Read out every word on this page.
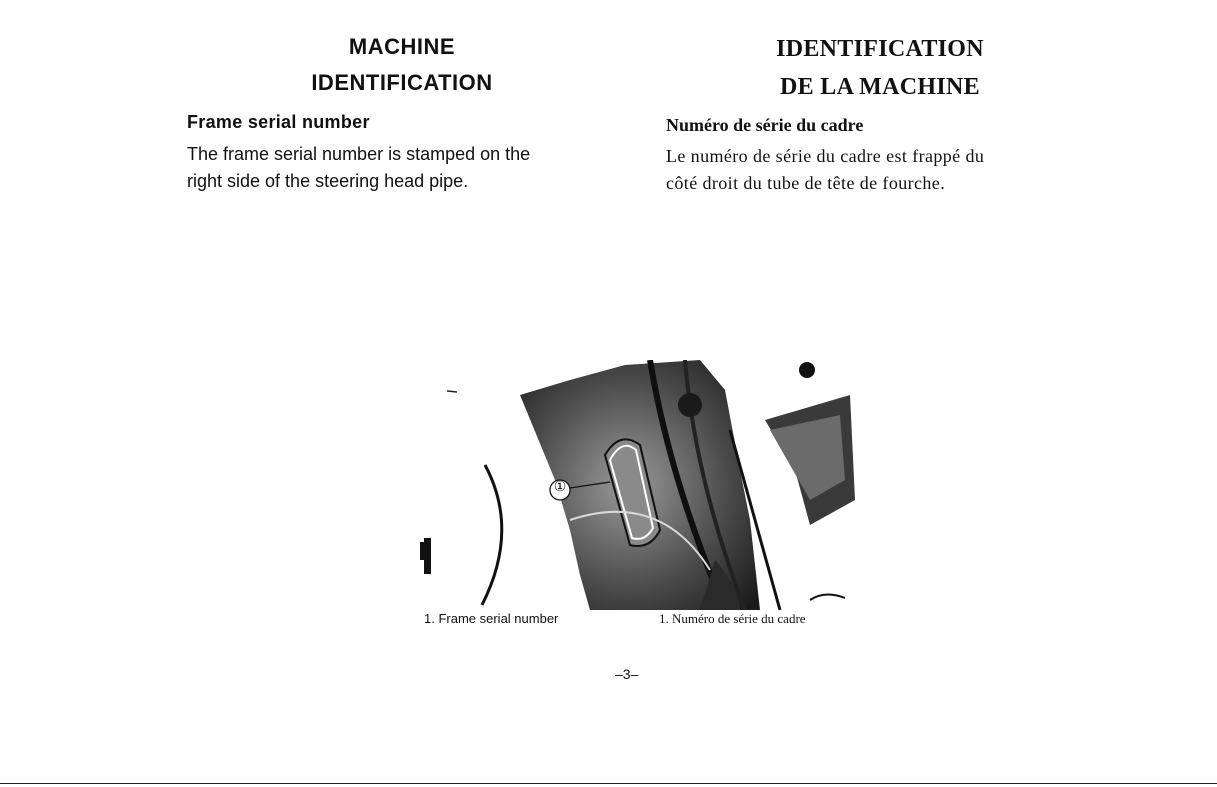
MACHINE
IDENTIFICATION
Frame serial number
The frame serial number is stamped on the
right side of the steering head pipe.
IDENTIFICATION
DE LA MACHINE
Numéro de série du cadre
Le numéro de série du cadre est frappé du
côté droit du tube de tête de fourche.
①
1. Frame serial number	1. Numéro de série du cadre
–3–
